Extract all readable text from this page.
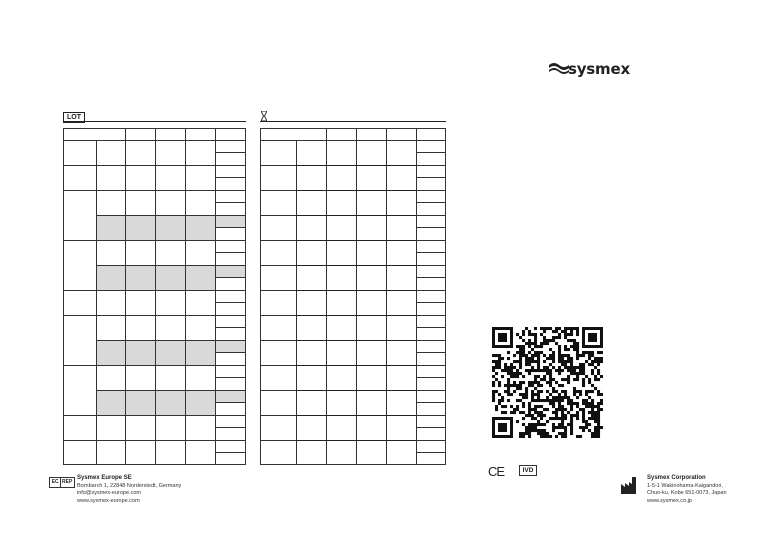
sysmex
LOT
CE	IVD
EC REP
Sysmex Europe SE
Bornbarch 1, 22848 Norderstedt, Germany
info@sysmex-europe.com
www.sysmex-europe.com
Sysmex Corporation
1-5-1 Wakinohama-Kaigandori,
Chuo-ku, Kobe 651-0073, Japan
www.sysmex.co.jp
